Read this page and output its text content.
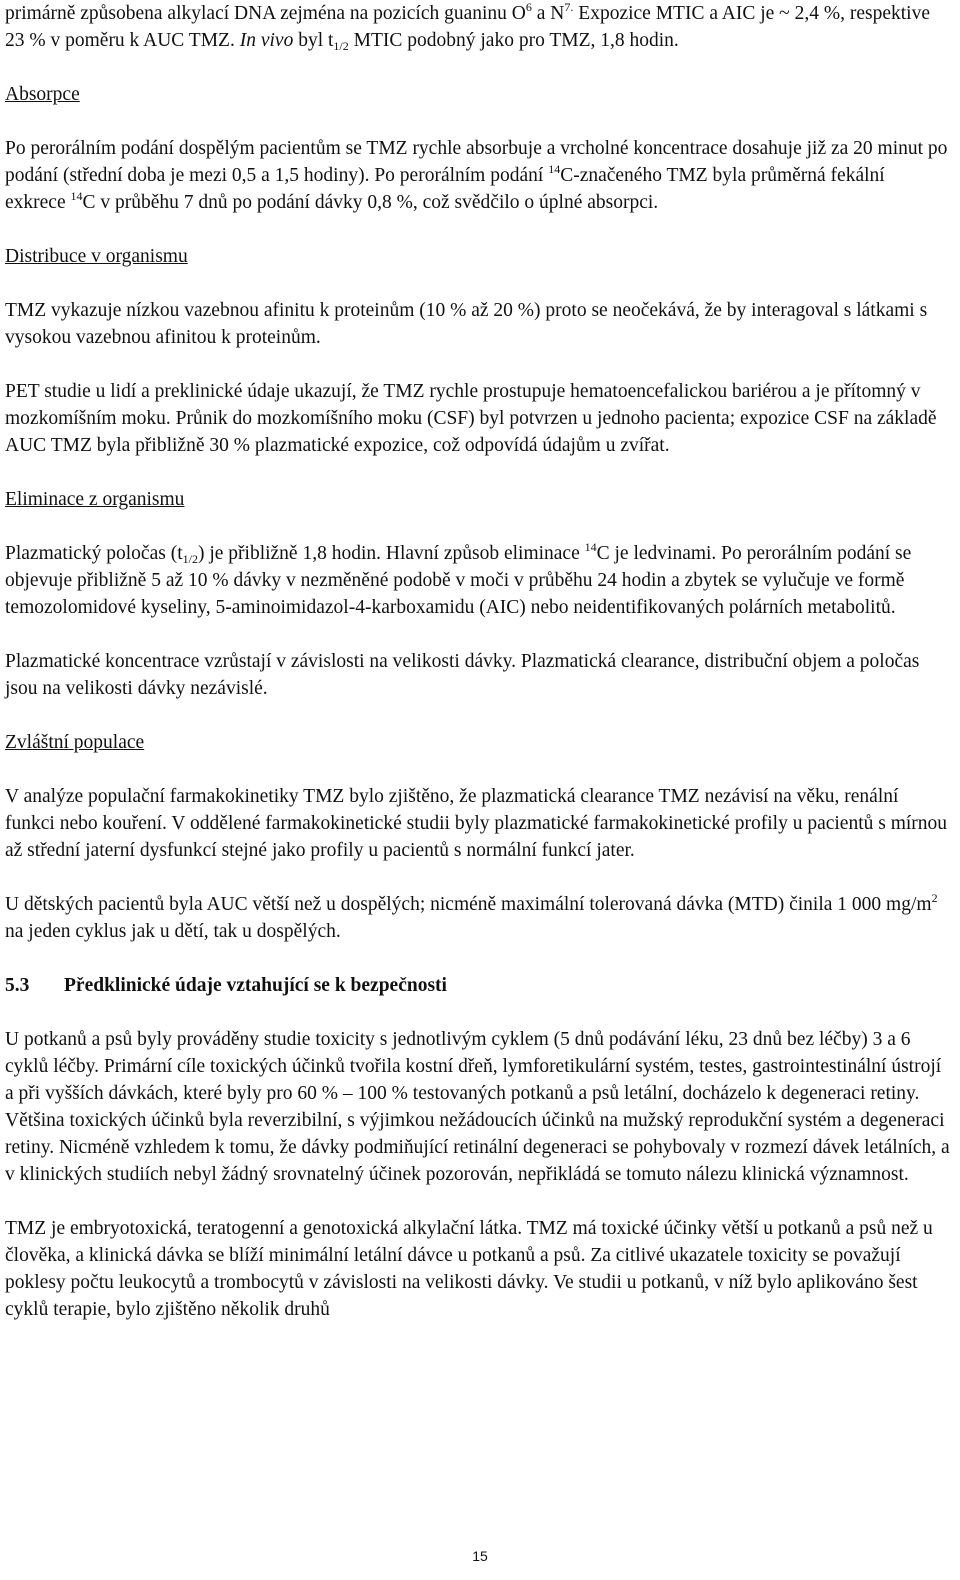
primárně způsobena alkylací DNA zejména na pozicích guaninu $O^6$ a $N^{7.}$ Expozice MTIC a AIC je ~ 2,4 %, respektive 23 % v poměru k AUC TMZ. In vivo byl $t_{1/2}$ MTIC podobný jako pro TMZ, 1,8 hodin.

Absorpce

Po perorálním podání dospělým pacientům se TMZ rychle absorbuje a vrcholné koncentrace dosahuje již za 20 minut po podání (střední doba je mezi 0,5 a 1,5 hodiny). Po perorálním podání $^{14}$C-značeného TMZ byla průměrná fekální exkrece $^{14}$C v průběhu 7 dnů po podání dávky 0,8 %, což svědčilo o úplné absorpci.

Distribuce v organismu

TMZ vykazuje nízkou vazebnou afinitu k proteinům (10 % až 20 %) proto se neočekává, že by interagoval s látkami s vysokou vazebnou afinitou k proteinům.

PET studie u lidí a preklinické údaje ukazují, že TMZ rychle prostupuje hematoencefalickou bariérou a je přítomný v mozkomíšním moku. Průnik do mozkomíšního moku (CSF) byl potvrzen u jednoho pacienta; expozice CSF na základě AUC TMZ byla přibližně 30 % plazmatické expozice, což odpovídá údajům u zvířat.

Eliminace z organismu

Plazmatický poločas $(t_{1/2})$ je přibližně 1,8 hodin. Hlavní způsob eliminace $^{14}$C je ledvinami. Po perorálním podání se objevuje přibližně 5 až 10 % dávky v nezměněné podobě v moči v průběhu 24 hodin a zbytek se vylučuje ve formě temozolomidové kyseliny, 5-aminoimidazol-4-karboxamidu (AIC) nebo neidentifikovaných polárních metabolitů.

Plazmatické koncentrace vzrůstají v závislosti na velikosti dávky. Plazmatická clearance, distribuční objem a poločas jsou na velikosti dávky nezávislé.

Zvláštní populace

V analýze populační farmakokinetiky TMZ bylo zjištěno, že plazmatická clearance TMZ nezávisí na věku, renální funkci nebo kouření. V oddělené farmakokinetické studii byly plazmatické farmakokinetické profily u pacientů s mírnou až střední jaterní dysfunkcí stejné jako profily u pacientů s normální funkcí jater.

U dětských pacientů byla AUC větší než u dospělých; nicméně maximální tolerovaná dávka (MTD) činila 1 000 $mg/m^2$ na jeden cyklus jak u dětí, tak u dospělých.

5.3 Předklinické údaje vztahující se k bezpečnosti

U potkanů a psů byly prováděny studie toxicity s jednotlivým cyklem (5 dnů podávání léku, 23 dnů bez léčby) 3 a 6 cyklů léčby. Primární cíle toxických účinků tvořila kostní dřeň, lymforetikulární systém, testes, gastrointestinální ústrojí a při vyšších dávkách, které byly pro 60 % – 100 % testovaných potkanů a psů letální, docházelo k degeneraci retiny. Většina toxických účinků byla reverzibilní, s výjimkou nežádoucích účinků na mužský reprodukční systém a degeneraci retiny. Nicméně vzhledem k tomu, že dávky podmiňující retinální degeneraci se pohybovaly v rozmezí dávek letálních, a v klinických studiích nebyl žádný srovnatelný účinek pozorován, nepřikládá se tomuto nálezu klinická významnost.

TMZ je embryotoxická, teratogenní a genotoxická alkylační látka. TMZ má toxické účinky větší u potkanů a psů než u člověka, a klinická dávka se blíží minimální letální dávce u potkanů a psů. Za citlivé ukazatele toxicity se považují poklesy počtu leukocytů a trombocytů v závislosti na velikosti dávky. Ve studii u potkanů, v níž bylo aplikováno šest cyklů terapie, bylo zjištěno několik druhů

15
